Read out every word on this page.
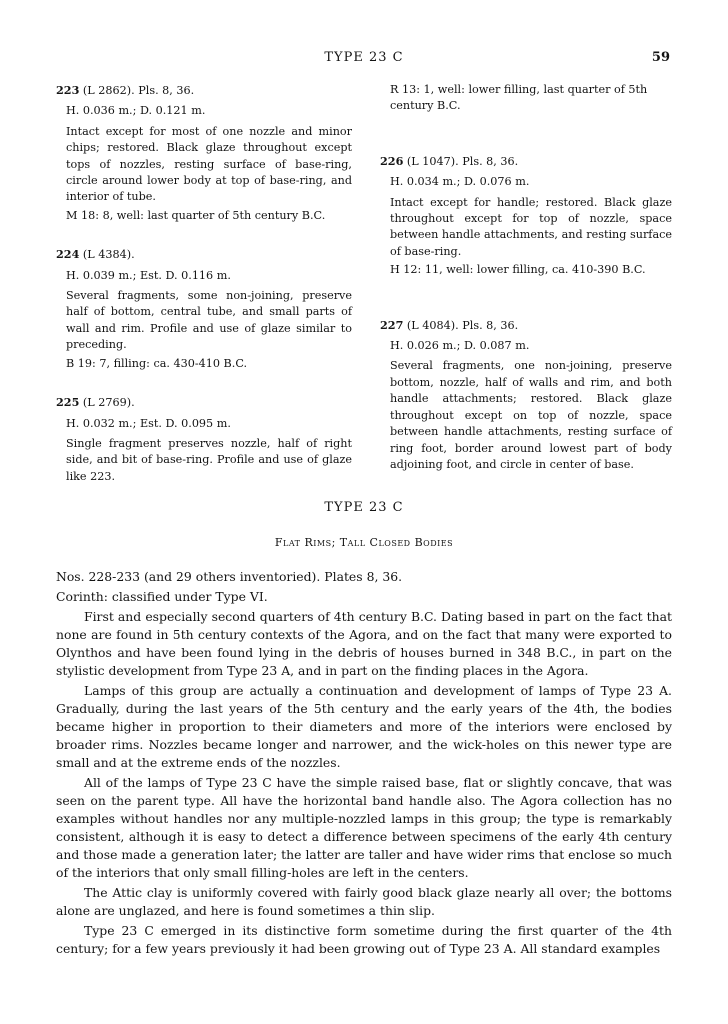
TYPE 23 C	59

223 (L 2862). Pls. 8, 36.

H. 0.036 m.; D. 0.121 m.

Intact except for most of one nozzle and minor chips; restored. Black glaze throughout except tops of nozzles, resting surface of base-ring, circle around lower body at top of base-ring, and interior of tube.

M 18: 8, well: last quarter of 5th century B.C.

224 (L 4384).

H. 0.039 m.; Est. D. 0.116 m.

Several fragments, some non-joining, preserve half of bottom, central tube, and small parts of wall and rim. Profile and use of glaze similar to preceding.

B 19: 7, filling: ca. 430-410 B.C.

225 (L 2769).

H. 0.032 m.; Est. D. 0.095 m.

Single fragment preserves nozzle, half of right side, and bit of base-ring. Profile and use of glaze like 223.

R 13: 1, well: lower filling, last quarter of 5th century B.C.

226 (L 1047). Pls. 8, 36.

H. 0.034 m.; D. 0.076 m.

Intact except for handle; restored. Black glaze throughout except for top of nozzle, space between handle attachments, and resting surface of base-ring.

H 12: 11, well: lower filling, ca. 410-390 B.C.

227 (L 4084). Pls. 8, 36.

H. 0.026 m.; D. 0.087 m.

Several fragments, one non-joining, preserve bottom, nozzle, half of walls and rim, and both handle attachments; restored. Black glaze throughout except on top of nozzle, space between handle attachments, resting surface of ring foot, border around lowest part of body adjoining foot, and circle in center of base.

TYPE 23 C
Flat Rims; Tall Closed Bodies

Nos. 228-233 (and 29 others inventoried). Plates 8, 36.

Corinth: classified under Type VI.

First and especially second quarters of 4th century B.C. Dating based in part on the fact that none are found in 5th century contexts of the Agora, and on the fact that many were exported to Olynthos and have been found lying in the debris of houses burned in 348 B.C., in part on the stylistic development from Type 23 A, and in part on the finding places in the Agora.

Lamps of this group are actually a continuation and development of lamps of Type 23 A. Gradually, during the last years of the 5th century and the early years of the 4th, the bodies became higher in proportion to their diameters and more of the interiors were enclosed by broader rims. Nozzles became longer and narrower, and the wick-holes on this newer type are small and at the extreme ends of the nozzles.

All of the lamps of Type 23 C have the simple raised base, flat or slightly concave, that was seen on the parent type. All have the horizontal band handle also. The Agora collection has no examples without handles nor any multiple-nozzled lamps in this group; the type is remarkably consistent, although it is easy to detect a difference between specimens of the early 4th century and those made a generation later; the latter are taller and have wider rims that enclose so much of the interiors that only small filling-holes are left in the centers.

The Attic clay is uniformly covered with fairly good black glaze nearly all over; the bottoms alone are unglazed, and here is found sometimes a thin slip.

Type 23 C emerged in its distinctive form sometime during the first quarter of the 4th century; for a few years previously it had been growing out of Type 23 A. All standard examples
